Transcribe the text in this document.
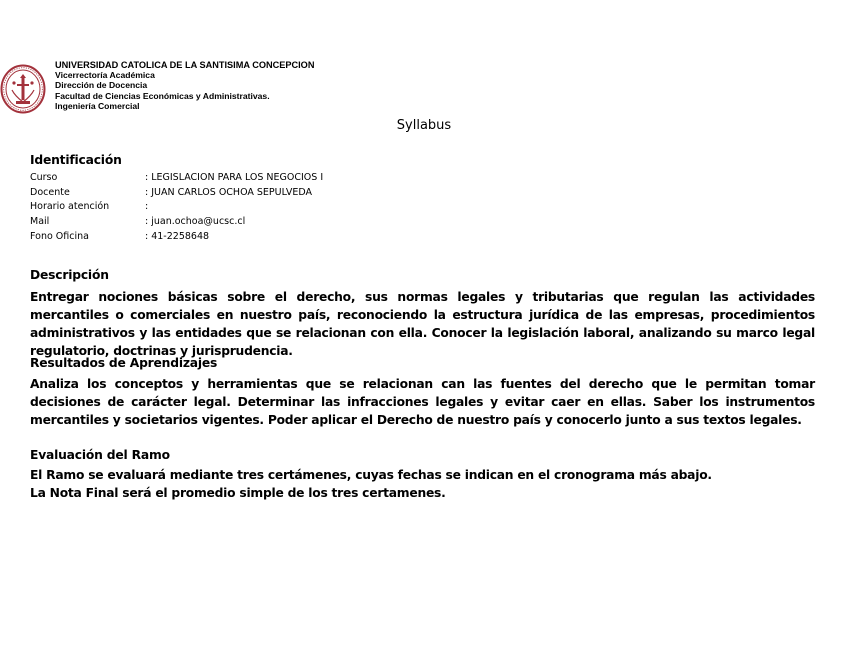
UNIVERSIDAD CATOLICA DE LA SANTISIMA CONCEPCION
Vicerrectoría Académica
Dirección de Docencia
Facultad de Ciencias Económicas y Administrativas.
Ingeniería Comercial
Syllabus
Identificación
Curso	: LEGISLACION PARA LOS NEGOCIOS I
Docente	: JUAN CARLOS OCHOA SEPULVEDA
Horario atención	:
Mail	: juan.ochoa@ucsc.cl
Fono Oficina	: 41-2258648
Descripción
Entregar nociones básicas sobre el derecho, sus normas legales y tributarias que regulan las actividades mercantiles o comerciales en nuestro país, reconociendo la estructura jurídica de las empresas, procedimientos administrativos y las entidades que se relacionan con ella. Conocer la legislación laboral, analizando su marco legal regulatorio, doctrinas y jurisprudencia.
Resultados de Aprendizajes
Analiza los conceptos y herramientas que se relacionan can las fuentes del derecho que le permitan tomar decisiones de carácter legal. Determinar las infracciones legales y evitar caer en ellas. Saber los instrumentos mercantiles y societarios vigentes. Poder aplicar el Derecho de nuestro país y conocerlo junto a sus textos legales.
Evaluación del Ramo
El Ramo se evaluará mediante tres certámenes, cuyas fechas se indican en el cronograma más abajo.
La Nota Final será el promedio simple de los tres certamenes.
